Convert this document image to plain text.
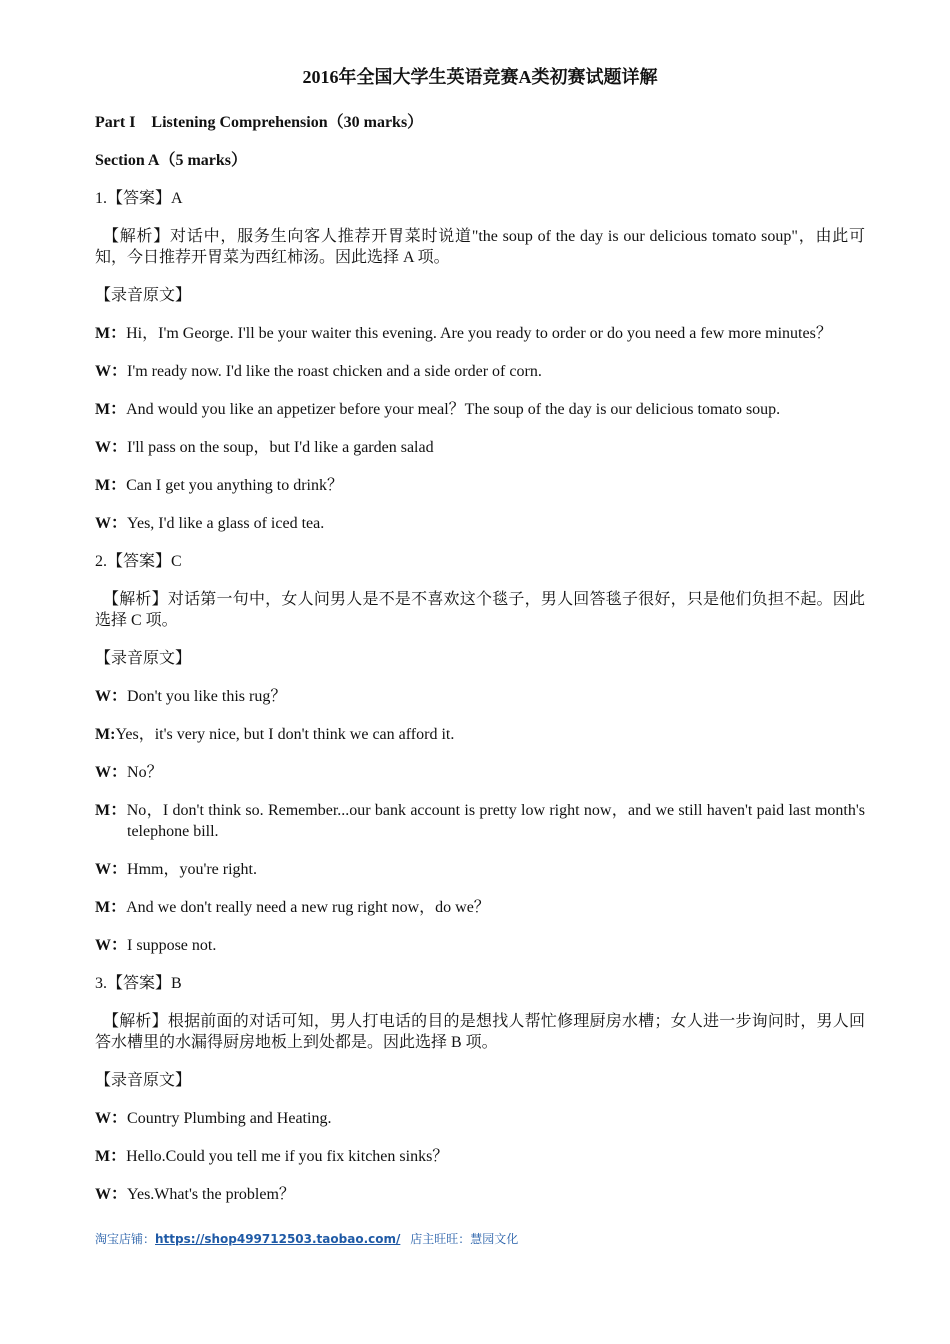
2016年全国大学生英语竞赛A类初赛试题详解
Part I    Listening Comprehension（30 marks）
Section A（5 marks）
1.【答案】A
【解析】对话中，服务生向客人推荐开胃菜时说道"the soup of the day is our delicious tomato soup"，由此可知，今日推荐开胃菜为西红柿汤。因此选择 A 项。
【录音原文】
M：Hi，I'm George. I'll be your waiter this evening. Are you ready to order or do you need a few more minutes？
W：I'm ready now. I'd like the roast chicken and a side order of corn.
M：And would you like an appetizer before your meal？The soup of the day is our delicious tomato soup.
W：I'll pass on the soup，but I'd like a garden salad
M：Can I get you anything to drink？
W：Yes, I'd like a glass of iced tea.
2.【答案】C
【解析】对话第一句中，女人问男人是不是不喜欢这个毯子，男人回答毯子很好，只是他们负担不起。因此选择 C 项。
【录音原文】
W：Don't you like this rug？
M:Yes，it's very nice, but I don't think we can afford it.
W：No？
M：No，I don't think so. Remember...our bank account is pretty low right now，and we still haven't paid last month's telephone bill.
W：Hmm，you're right.
M：And we don't really need a new rug right now，do we？
W：I suppose not.
3.【答案】B
【解析】根据前面的对话可知，男人打电话的目的是想找人帮忙修理厨房水槽；女人进一步询问时，男人回答水槽里的水漏得厨房地板上到处都是。因此选择 B 项。
【录音原文】
W：Country Plumbing and Heating.
M：Hello.Could you tell me if you fix kitchen sinks？
W：Yes.What's the problem？
淘宝店铺：https://shop499712503.taobao.com/ 店主旺旺：慧园文化
